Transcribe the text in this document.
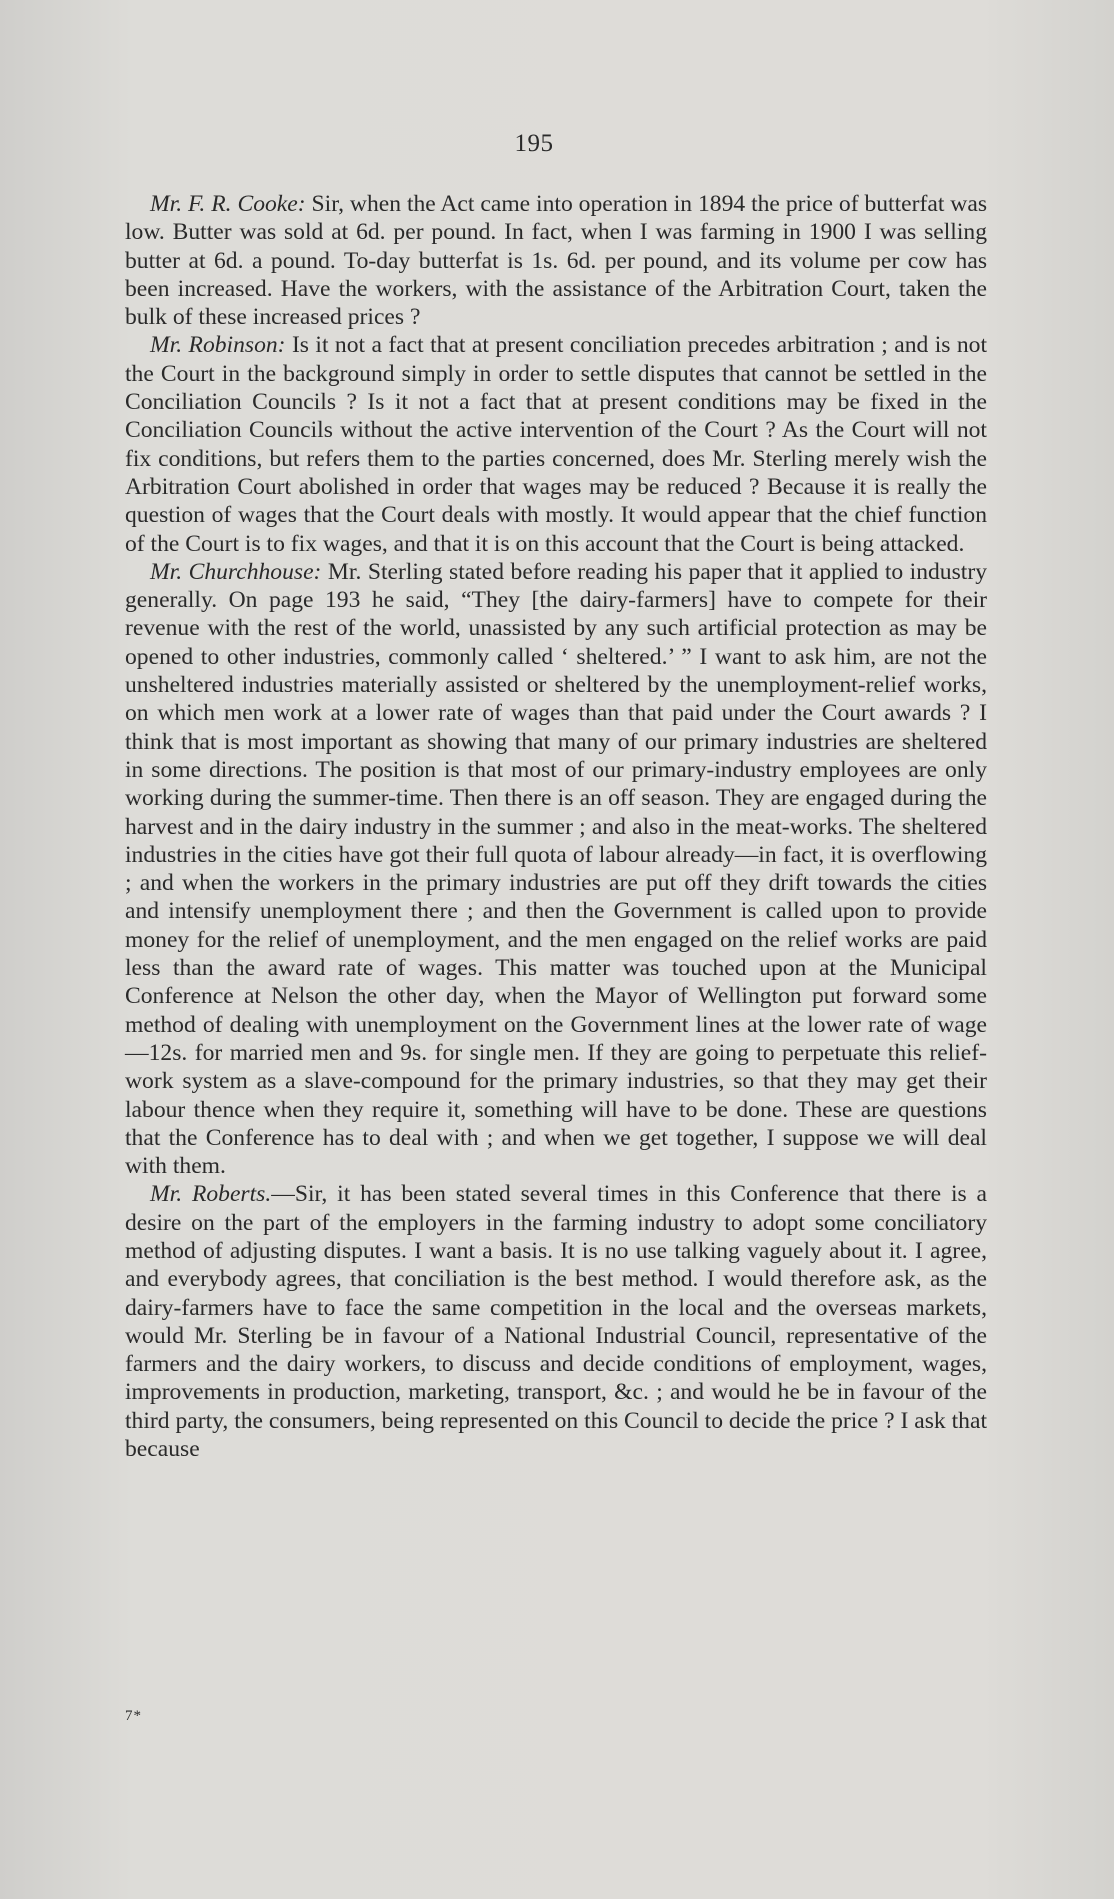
195

Mr. F. R. Cooke: Sir, when the Act came into operation in 1894 the price of butterfat was low. Butter was sold at 6d. per pound. In fact, when I was farming in 1900 I was selling butter at 6d. a pound. To-day butterfat is 1s. 6d. per pound, and its volume per cow has been increased. Have the workers, with the assistance of the Arbitration Court, taken the bulk of these increased prices ?

Mr. Robinson: Is it not a fact that at present conciliation precedes arbitration ; and is not the Court in the background simply in order to settle disputes that cannot be settled in the Conciliation Councils ? Is it not a fact that at present conditions may be fixed in the Conciliation Councils without the active intervention of the Court ? As the Court will not fix conditions, but refers them to the parties concerned, does Mr. Sterling merely wish the Arbitration Court abolished in order that wages may be reduced ? Because it is really the question of wages that the Court deals with mostly. It would appear that the chief function of the Court is to fix wages, and that it is on this account that the Court is being attacked.

Mr. Churchhouse: Mr. Sterling stated before reading his paper that it applied to industry generally. On page 193 he said, “They [the dairy-farmers] have to compete for their revenue with the rest of the world, unassisted by any such artificial protection as may be opened to other industries, commonly called ‘ sheltered.’ ” I want to ask him, are not the unsheltered industries materially assisted or sheltered by the unemployment-relief works, on which men work at a lower rate of wages than that paid under the Court awards ? I think that is most important as showing that many of our primary industries are sheltered in some directions. The position is that most of our primary-industry employees are only working during the summer-time. Then there is an off season. They are engaged during the harvest and in the dairy industry in the summer ; and also in the meat-works. The sheltered industries in the cities have got their full quota of labour already—in fact, it is overflowing ; and when the workers in the primary industries are put off they drift towards the cities and intensify unemployment there ; and then the Government is called upon to provide money for the relief of unemployment, and the men engaged on the relief works are paid less than the award rate of wages. This matter was touched upon at the Municipal Conference at Nelson the other day, when the Mayor of Wellington put forward some method of dealing with unemployment on the Government lines at the lower rate of wage—12s. for married men and 9s. for single men. If they are going to perpetuate this relief-work system as a slave-compound for the primary industries, so that they may get their labour thence when they require it, something will have to be done. These are questions that the Conference has to deal with ; and when we get together, I suppose we will deal with them.

Mr. Roberts.—Sir, it has been stated several times in this Conference that there is a desire on the part of the employers in the farming industry to adopt some conciliatory method of adjusting disputes. I want a basis. It is no use talking vaguely about it. I agree, and everybody agrees, that conciliation is the best method. I would therefore ask, as the dairy-farmers have to face the same competition in the local and the overseas markets, would Mr. Sterling be in favour of a National Industrial Council, representative of the farmers and the dairy workers, to discuss and decide conditions of employment, wages, improvements in production, marketing, transport, &c. ; and would he be in favour of the third party, the consumers, being represented on this Council to decide the price ? I ask that because

7*
